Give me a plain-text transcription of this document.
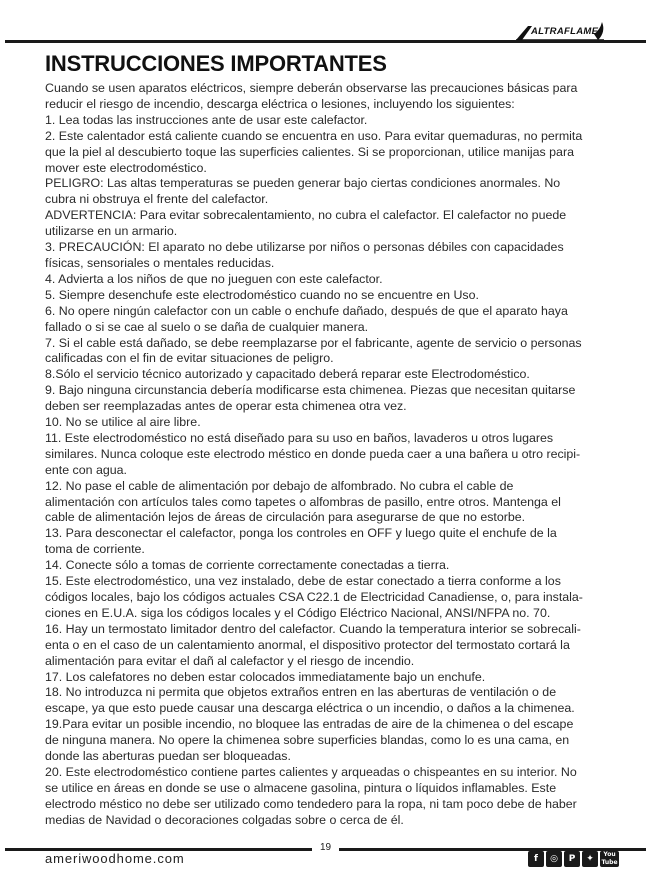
ALTRAFLAME
INSTRUCCIONES IMPORTANTES

Cuando se usen aparatos eléctricos, siempre deberán observarse las precauciones básicas para

reducir el riesgo de incendio, descarga eléctrica o lesiones, incluyendo los siguientes:

1. Lea todas las instrucciones ante de usar este calefactor.

2. Este calentador está caliente cuando se encuentra en uso. Para evitar quemaduras, no permita

que la piel al descubierto toque las superficies calientes. Si se proporcionan, utilice manijas para

mover este electrodoméstico.

PELIGRO: Las altas temperaturas se pueden generar bajo ciertas condiciones anormales. No

cubra ni obstruya el frente del calefactor.

ADVERTENCIA: Para evitar sobrecalentamiento, no cubra el calefactor. El calefactor no puede

utilizarse en un armario.

3. PRECAUCIÓN: El aparato no debe utilizarse por niños o personas débiles con capacidades

físicas, sensoriales o mentales reducidas.

4. Advierta a los niños de que no jueguen con este calefactor.

5. Siempre desenchufe este electrodoméstico cuando no se encuentre en Uso.

6. No opere ningún calefactor con un cable o enchufe dañado, después de que el aparato haya

fallado o si se cae al suelo o se daña de cualquier manera.

7. Si el cable está dañado, se debe reemplazarse por el fabricante, agente de servicio o personas

calificadas con el fin de evitar situaciones de peligro.

8.Sólo el servicio técnico autorizado y capacitado deberá reparar este Electrodoméstico.

9. Bajo ninguna circunstancia debería modificarse esta chimenea. Piezas que necesitan quitarse

deben ser reemplazadas antes de operar esta chimenea otra vez.

10. No se utilice al aire libre.

11. Este electrodoméstico no está diseñado para su uso en baños, lavaderos u otros lugares

similares. Nunca coloque este electrodo méstico en donde pueda caer a una bañera u otro recipi-

ente con agua.

12. No pase el cable de alimentación por debajo de alfombrado. No cubra el cable de

alimentación con artículos tales como tapetes o alfombras de pasillo, entre otros. Mantenga el

cable de alimentación lejos de áreas de circulación para asegurarse de que no estorbe.

13. Para desconectar el calefactor, ponga los controles en OFF y luego quite el enchufe de la

toma de corriente.

14. Conecte sólo a tomas de corriente correctamente conectadas a tierra.

15. Este electrodoméstico, una vez instalado, debe de estar conectado a tierra conforme a los

códigos locales, bajo los códigos actuales CSA C22.1 de Electricidad Canadiense, o, para instala-

ciones en E.U.A. siga los códigos locales y el Código Eléctrico Nacional, ANSI/NFPA no. 70.

16. Hay un termostato limitador dentro del calefactor. Cuando la temperatura interior se sobrecali-

enta o en el caso de un calentamiento anormal, el dispositivo protector del termostato cortará la

alimentación para evitar el dañ al calefactor y el riesgo de incendio.

17. Los calefatores no deben estar colocados immediatamente bajo un enchufe.

18. No introduzca ni permita que objetos extraños entren en las aberturas de ventilación o de

escape, ya que esto puede causar una descarga eléctrica o un incendio, o daños a la chimenea.

19.Para evitar un posible incendio, no bloquee las entradas de aire de la chimenea o del escape

de ninguna manera. No opere la chimenea sobre superficies blandas, como lo es una cama, en

donde las aberturas puedan ser bloqueadas.

20. Este electrodoméstico contiene partes calientes y arqueadas o chispeantes en su interior. No

se utilice en áreas en donde se use o almacene gasolina, pintura o líquidos inflamables. Este

electrodo méstico no debe ser utilizado como tendedero para la ropa, ni tam poco debe de haber

medias de Navidad o decoraciones colgadas sobre o cerca de él.

19
ameriwoodhome.com	f	◎	P	✦	You Tube
